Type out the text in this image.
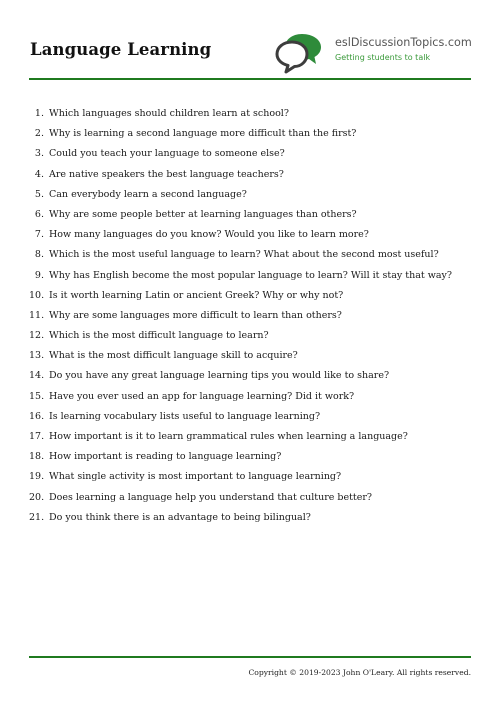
Language Learning	eslDiscussionTopics.com
Getting students to talk
1. Which languages should children learn at school?
2. Why is learning a second language more difficult than the first?
3. Could you teach your language to someone else?
4. Are native speakers the best language teachers?
5. Can everybody learn a second language?
6. Why are some people better at learning languages than others?
7. How many languages do you know? Would you like to learn more?
8. Which is the most useful language to learn? What about the second most useful?
9. Why has English become the most popular language to learn? Will it stay that way?
10. Is it worth learning Latin or ancient Greek? Why or why not?
11. Why are some languages more difficult to learn than others?
12. Which is the most difficult language to learn?
13. What is the most difficult language skill to acquire?
14. Do you have any great language learning tips you would like to share?
15. Have you ever used an app for language learning? Did it work?
16. Is learning vocabulary lists useful to language learning?
17. How important is it to learn grammatical rules when learning a language?
18. How important is reading to language learning?
19. What single activity is most important to language learning?
20. Does learning a language help you understand that culture better?
21. Do you think there is an advantage to being bilingual?
Copyright © 2019-2023 John O'Leary. All rights reserved.
